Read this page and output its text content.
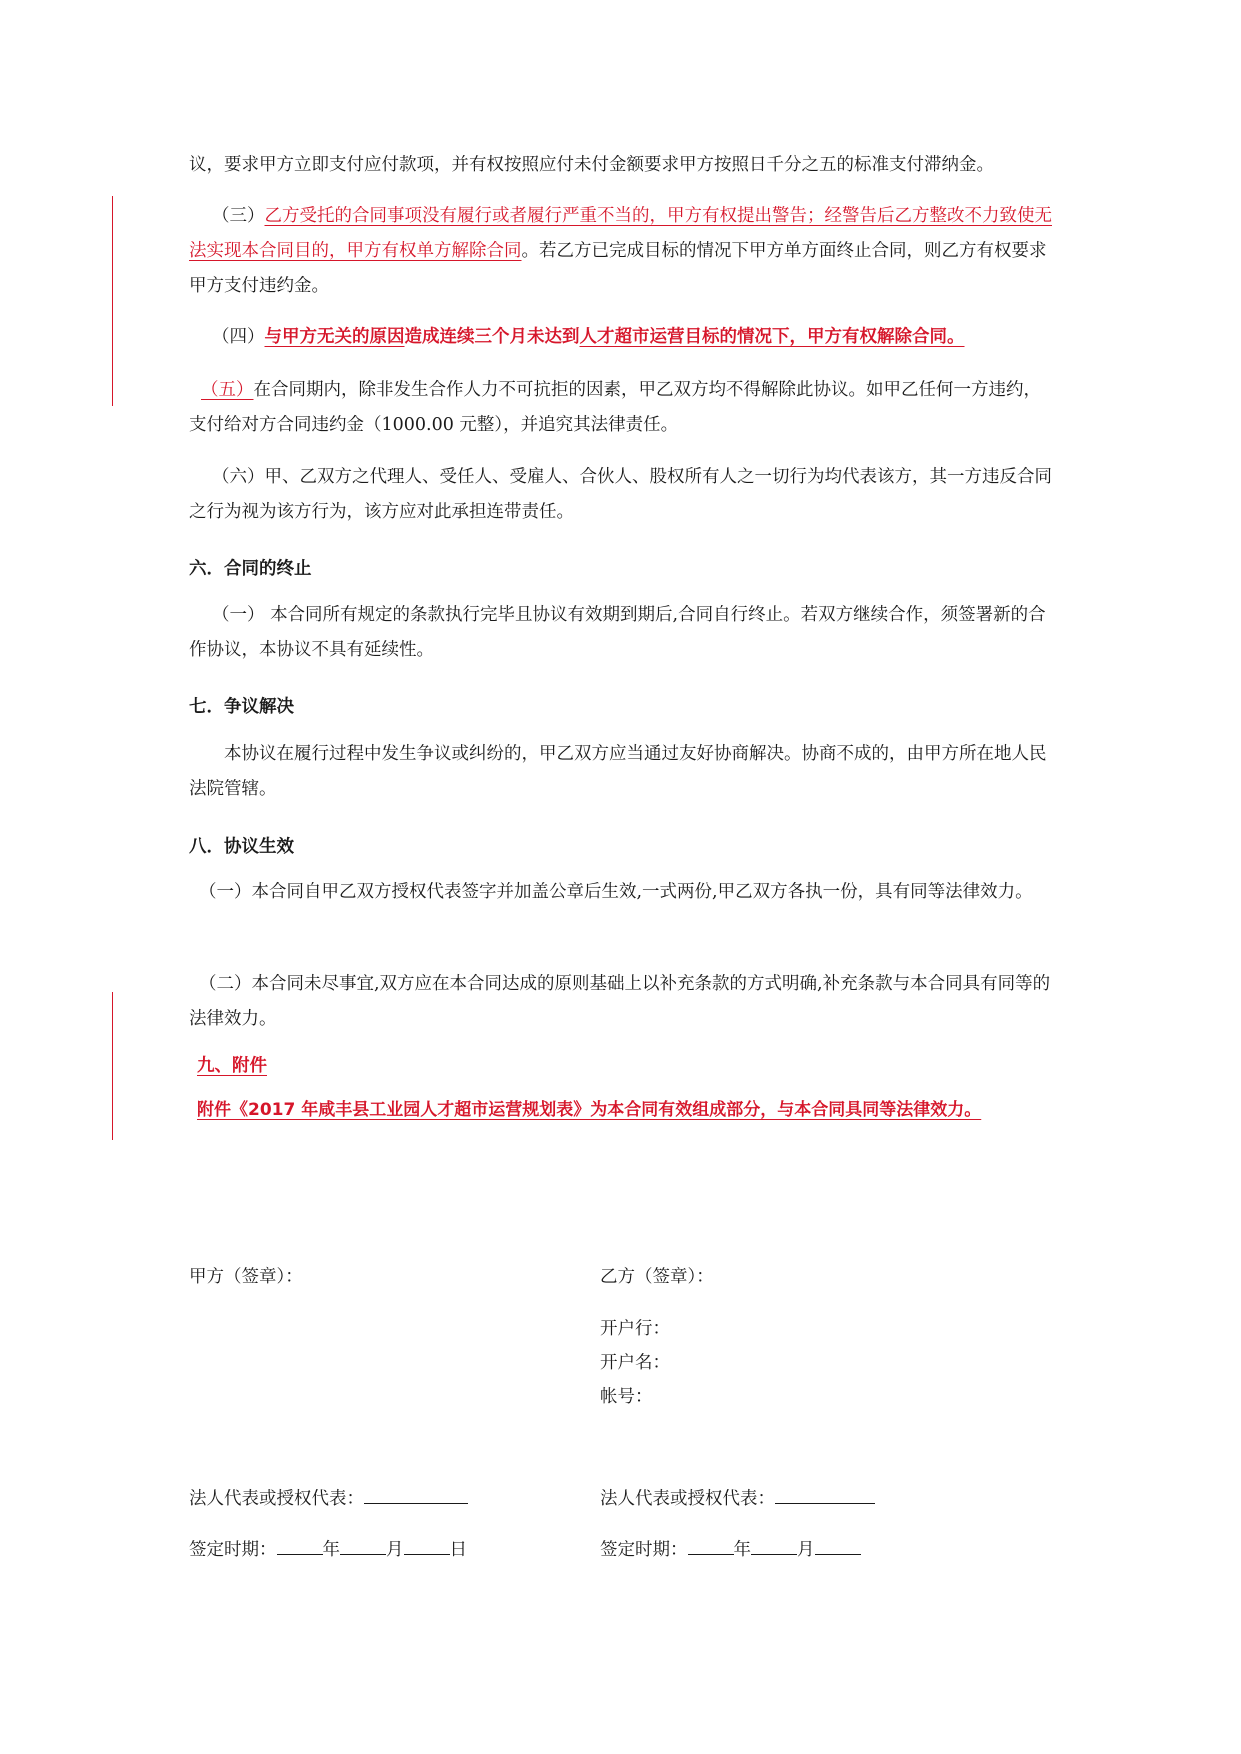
议，要求甲方立即支付应付款项，并有权按照应付未付金额要求甲方按照日千分之五的标准支付滞纳金。
（三）乙方受托的合同事项没有履行或者履行严重不当的，甲方有权提出警告；经警告后乙方整改不力致使无法实现本合同目的，甲方有权单方解除合同。若乙方已完成目标的情况下甲方单方面终止合同，则乙方有权要求甲方支付违约金。
（四）与甲方无关的原因造成连续三个月未达到人才超市运营目标的情况下，甲方有权解除合同。
（五）在合同期内，除非发生合作人力不可抗拒的因素，甲乙双方均不得解除此协议。如甲乙任何一方违约，支付给对方合同违约金（1000.00 元整），并追究其法律责任。
（六）甲、乙双方之代理人、受任人、受雇人、合伙人、股权所有人之一切行为均代表该方，其一方违反合同之行为视为该方行为，该方应对此承担连带责任。
六．合同的终止
（一） 本合同所有规定的条款执行完毕且协议有效期到期后,合同自行终止。若双方继续合作，须签署新的合作协议，本协议不具有延续性。
七．争议解决
本协议在履行过程中发生争议或纠纷的，甲乙双方应当通过友好协商解决。协商不成的，由甲方所在地人民法院管辖。
八．协议生效
（一）本合同自甲乙双方授权代表签字并加盖公章后生效,一式两份,甲乙双方各执一份，具有同等法律效力。
（二）本合同未尽事宜,双方应在本合同达成的原则基础上以补充条款的方式明确,补充条款与本合同具有同等的法律效力。
九、附件
附件《2017 年咸丰县工业园人才超市运营规划表》为本合同有效组成部分，与本合同具同等法律效力。
甲方（签章）：	乙方（签章）：
开户行：
开户名：
帐号：
法人代表或授权代表：	法人代表或授权代表：
签定时期：	年	月	日	签定时期：	年	月
